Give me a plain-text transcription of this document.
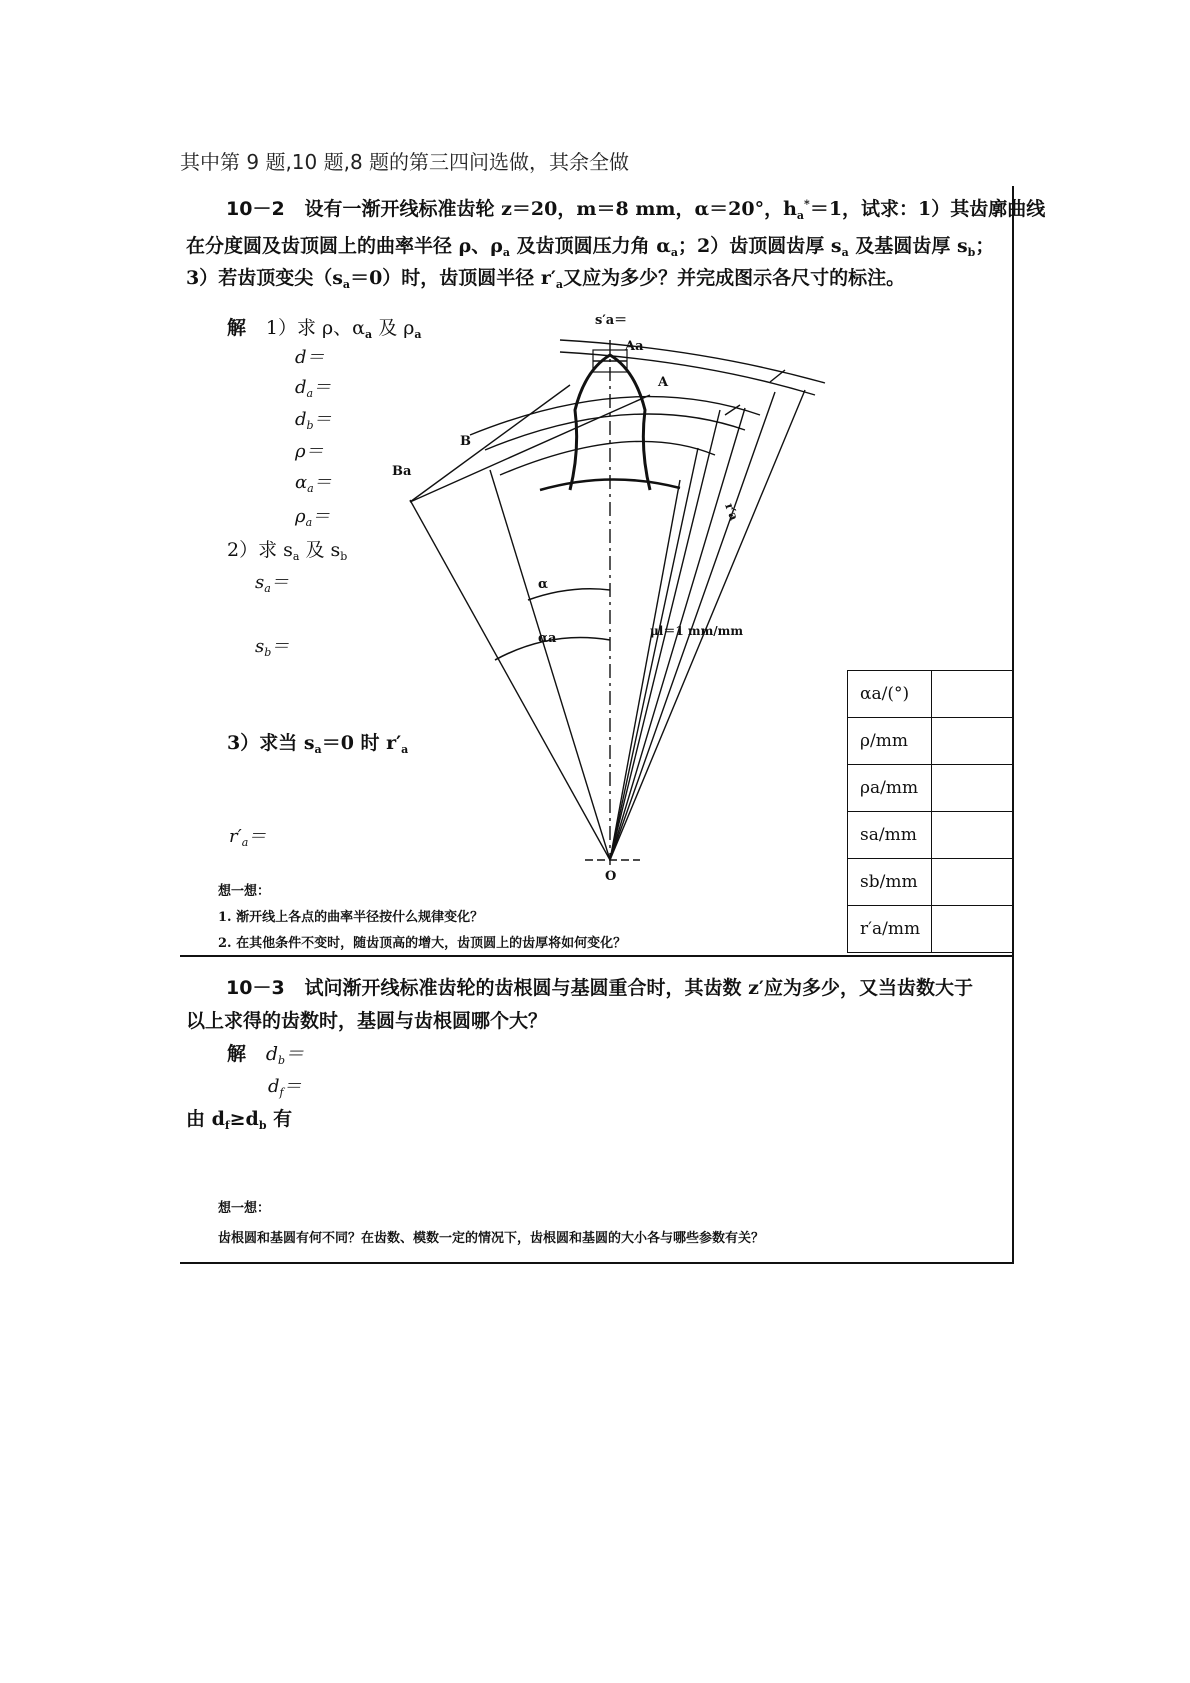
其中第 9 题,10 题,8 题的第三四问选做，其余全做
10－2 设有一渐开线标准齿轮 z＝20，m＝8 mm，α＝20°，$h_a^*=1$，试求：1）其齿廓曲线
在分度圆及齿顶圆上的曲率半径 ρ、$\rho_a$ 及齿顶圆压力角 $\alpha_a$；2）齿顶圆齿厚 $s_a$ 及基圆齿厚 $s_b$；
3）若齿顶变尖$(s_a=0)$时，齿顶圆半径 $r'_a$又应为多少？并完成图示各尺寸的标注。
解 1）求 ρ、$\alpha_a$ 及 $\rho_a$
d＝
$d_a=$
$d_b=$
ρ＝
$\alpha_a=$
$\rho_a=$
2）求 $s_a$ 及 $s_b$
$s_a=$
$s_b=$
3）求当 $s_a=0$ 时 $r'_a$
$r'_a=$
s′a＝
Aa
A
B
Ba
O
α
αa	μl＝1 mm/mm
r′a
αa/(°)	
ρ/mm	
ρa/mm	
sa/mm	
sb/mm	
r′a/mm	
想一想：
1. 渐开线上各点的曲率半径按什么规律变化？
2. 在其他条件不变时，随齿顶高的增大，齿顶圆上的齿厚将如何变化？
10－3 试问渐开线标准齿轮的齿根圆与基圆重合时，其齿数 z′应为多少，又当齿数大于
以上求得的齿数时，基圆与齿根圆哪个大？
解 $d_b=$
$d_f=$
由 $d_f\ge d_b$ 有
想一想：
齿根圆和基圆有何不同？在齿数、模数一定的情况下，齿根圆和基圆的大小各与哪些参数有关？
